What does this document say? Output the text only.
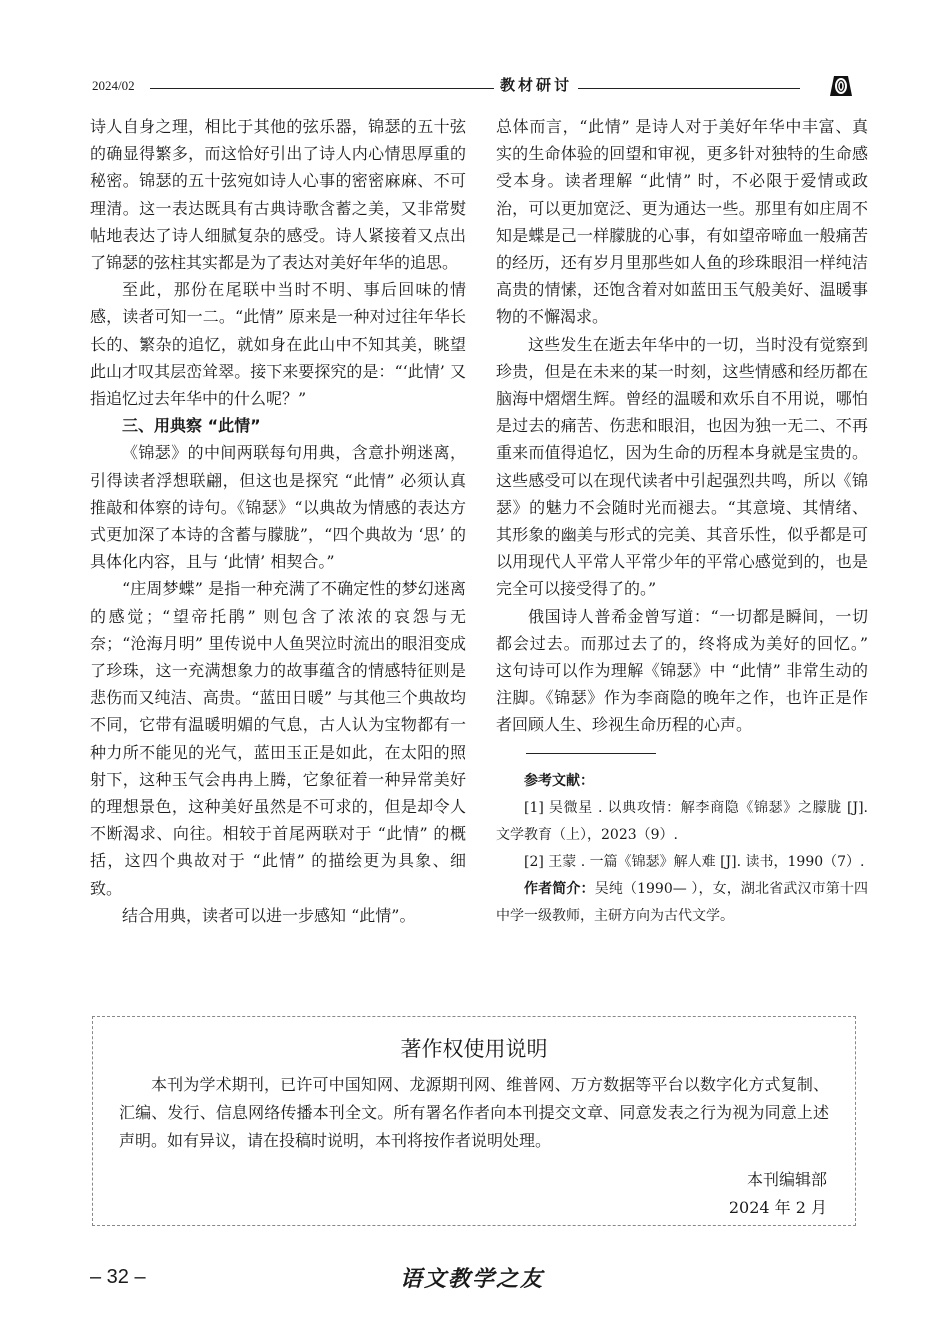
2024/02	教材研讨

诗人自身之理，相比于其他的弦乐器，锦瑟的五十弦的确显得繁多，而这恰好引出了诗人内心情思厚重的秘密。锦瑟的五十弦宛如诗人心事的密密麻麻、不可理清。这一表达既具有古典诗歌含蓄之美，又非常熨帖地表达了诗人细腻复杂的感受。诗人紧接着又点出了锦瑟的弦柱其实都是为了表达对美好年华的追思。

至此，那份在尾联中当时不明、事后回味的情感，读者可知一二。“此情” 原来是一种对过往年华长长的、繁杂的追忆，就如身在此山中不知其美，眺望此山才叹其层峦耸翠。接下来要探究的是：“‘此情’ 又指追忆过去年华中的什么呢？”

三、用典察 “此情”

《锦瑟》的中间两联每句用典，含意扑朔迷离，引得读者浮想联翩，但这也是探究 “此情” 必须认真推敲和体察的诗句。《锦瑟》“以典故为情感的表达方式更加深了本诗的含蓄与朦胧”，“四个典故为 ‘思’ 的具体化内容，且与 ‘此情’ 相契合。”

“庄周梦蝶” 是指一种充满了不确定性的梦幻迷离的感觉；“望帝托鹃” 则包含了浓浓的哀怨与无奈；“沧海月明” 里传说中人鱼哭泣时流出的眼泪变成了珍珠，这一充满想象力的故事蕴含的情感特征则是悲伤而又纯洁、高贵。“蓝田日暖” 与其他三个典故均不同，它带有温暖明媚的气息，古人认为宝物都有一种力所不能见的光气，蓝田玉正是如此，在太阳的照射下，这种玉气会冉冉上腾，它象征着一种异常美好的理想景色，这种美好虽然是不可求的，但是却令人不断渴求、向往。相较于首尾两联对于 “此情” 的概括，这四个典故对于 “此情” 的描绘更为具象、细致。

结合用典，读者可以进一步感知 “此情”。

总体而言，“此情” 是诗人对于美好年华中丰富、真实的生命体验的回望和审视，更多针对独特的生命感受本身。读者理解 “此情” 时，不必限于爱情或政治，可以更加宽泛、更为通达一些。那里有如庄周不知是蝶是己一样朦胧的心事，有如望帝啼血一般痛苦的经历，还有岁月里那些如人鱼的珍珠眼泪一样纯洁高贵的情愫，还饱含着对如蓝田玉气般美好、温暖事物的不懈渴求。

这些发生在逝去年华中的一切，当时没有觉察到珍贵，但是在未来的某一时刻，这些情感和经历都在脑海中熠熠生辉。曾经的温暖和欢乐自不用说，哪怕是过去的痛苦、伤悲和眼泪，也因为独一无二、不再重来而值得追忆，因为生命的历程本身就是宝贵的。这些感受可以在现代读者中引起强烈共鸣，所以《锦瑟》的魅力不会随时光而褪去。“其意境、其情绪、其形象的幽美与形式的完美、其音乐性，似乎都是可以用现代人平常人平常少年的平常心感觉到的，也是完全可以接受得了的。”

俄国诗人普希金曾写道：“一切都是瞬间，一切都会过去。而那过去了的，终将成为美好的回忆。” 这句诗可以作为理解《锦瑟》中 “此情” 非常生动的注脚。《锦瑟》作为李商隐的晚年之作，也许正是作者回顾人生、珍视生命历程的心声。

参考文献：

[1] 吴微星 . 以典攻情：解李商隐《锦瑟》之朦胧 [J]. 文学教育（上），2023（9）.

[2] 王蒙 . 一篇《锦瑟》解人难 [J]. 读书，1990（7）.

作者简介：吴纯（1990— ），女，湖北省武汉市第十四中学一级教师，主研方向为古代文学。

著作权使用说明
本刊为学术期刊，已许可中国知网、龙源期刊网、维普网、万方数据等平台以数字化方式复制、汇编、发行、信息网络传播本刊全文。所有署名作者向本刊提交文章、同意发表之行为视为同意上述声明。如有异议，请在投稿时说明，本刊将按作者说明处理。
本刊编辑部
2024 年 2 月
– 32 –	语文教学之友
